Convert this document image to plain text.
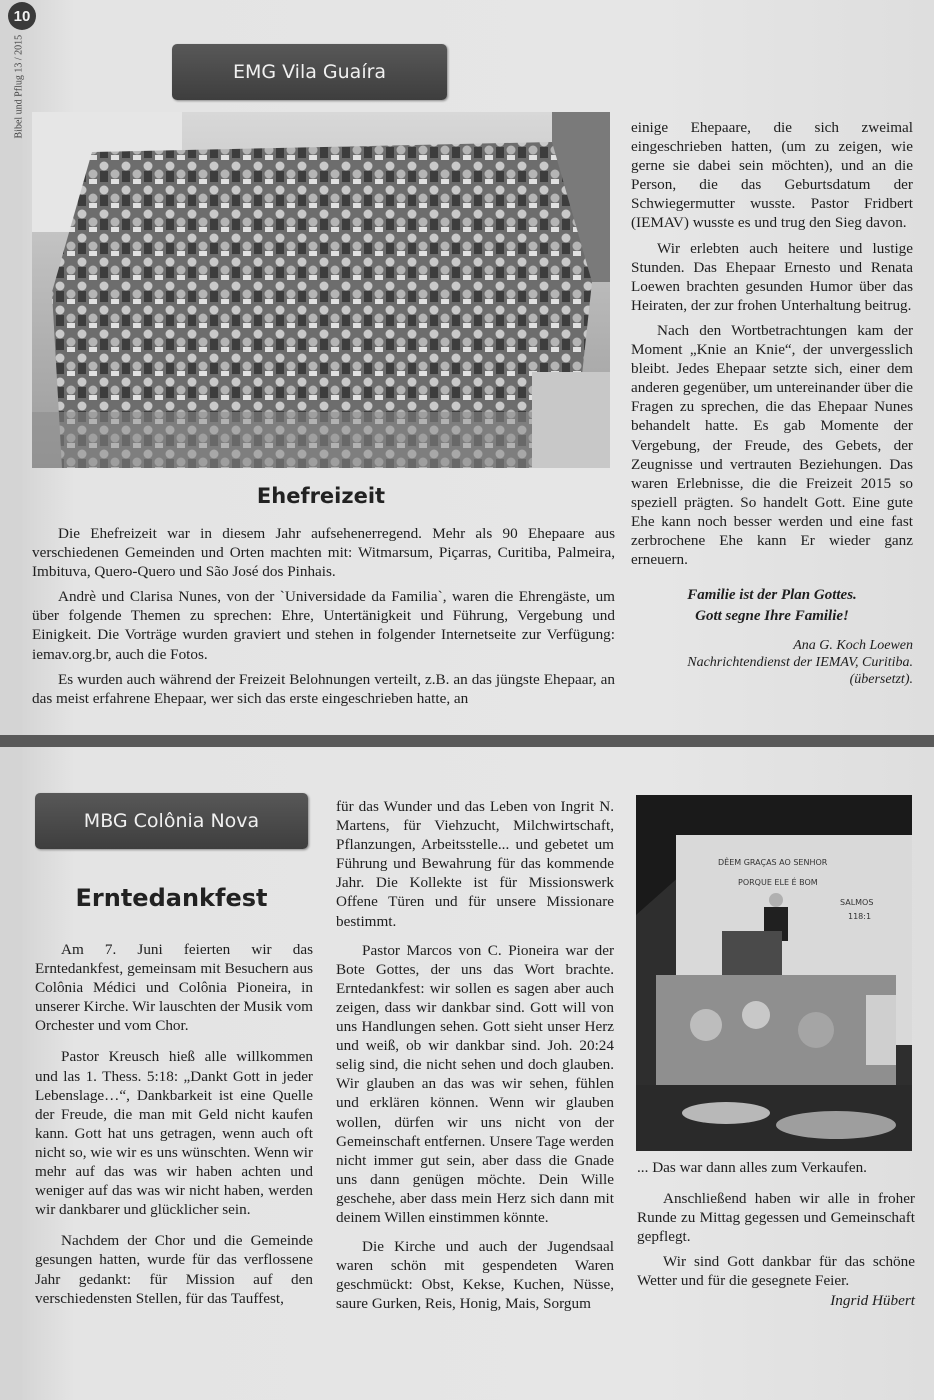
10
Bibel und Pflug 13 / 2015	EMG Vila Guaíra
Ehefreizeit

Die Ehefreizeit war in diesem Jahr aufsehenerregend. Mehr als 90 Ehepaare aus verschiedenen Gemeinden und Orten machten mit: Witmarsum, Piçarras, Curitiba, Palmeira, Imbituva, Quero-Quero und São José dos Pinhais.

Andrè und Clarisa Nunes, von der `Universidade da Familia`, waren die Ehrengäste, um über folgende Themen zu sprechen: Ehre, Untertänigkeit und Führung, Vergebung und Einigkeit. Die Vorträge wurden graviert und stehen in folgender Internetseite zur Verfügung: iemav.org.br, auch die Fotos.

Es wurden auch während der Freizeit Belohnungen verteilt, z.B. an das jüngste Ehepaar, an das meist erfahrene Ehepaar, wer sich das erste eingeschrieben hatte, an

einige Ehepaare, die sich zweimal eingeschrieben hatten, (um zu zeigen, wie gerne sie dabei sein möchten), und an die Person, die das Geburtsdatum der Schwiegermutter wusste. Pastor Fridbert (IEMAV) wusste es und trug den Sieg davon.

Wir erlebten auch heitere und lustige Stunden. Das Ehepaar Ernesto und Renata Loewen brachten gesunden Humor über das Heiraten, der zur frohen Unterhaltung beitrug.

Nach den Wortbetrachtungen kam der Moment „Knie an Knie“, der unvergesslich bleibt. Jedes Ehepaar setzte sich, einer dem anderen gegenüber, um untereinander über die Fragen zu sprechen, die das Ehepaar Nunes behandelt hatte. Es gab Momente der Vergebung, der Freude, des Gebets, der Zeugnisse und vertrauten Beziehungen. Das waren Erlebnisse, die die Freizeit 2015 so speziell prägten. So handelt Gott. Eine gute Ehe kann noch besser werden und eine fast zerbrochene Ehe kann Er wieder ganz erneuern.

Familie ist der Plan Gottes.
Gott segne Ihre Familie!
Ana G. Koch Loewen
Nachrichtendienst der IEMAV, Curitiba.
(übersetzt).
MBG Colônia Nova
Erntedankfest

Am 7. Juni feierten wir das Erntedankfest, gemeinsam mit Besuchern aus Colônia Médici und Colônia Pioneira, in unserer Kirche. Wir lauschten der Musik vom Orchester und vom Chor.

Pastor Kreusch hieß alle willkommen und las 1. Thess. 5:18: „Dankt Gott in jeder Lebenslage…“, Dankbarkeit ist eine Quelle der Freude, die man mit Geld nicht kaufen kann. Gott hat uns getragen, wenn auch oft nicht so, wie wir es uns wünschten. Wenn wir mehr auf das was wir haben achten und weniger auf das was wir nicht haben, werden wir dankbarer und glücklicher sein.

Nachdem der Chor und die Gemeinde gesungen hatten, wurde für das verflossene Jahr gedankt: für Mission auf den verschiedensten Stellen, für das Tauffest,

für das Wunder und das Leben von Ingrit N. Martens, für Viehzucht, Milchwirtschaft, Pflanzungen, Arbeitsstelle... und gebetet um Führung und Bewahrung für das kommende Jahr. Die Kollekte ist für Missionswerk Offene Türen und für unsere Missionare bestimmt.

Pastor Marcos von C. Pioneira war der Bote Gottes, der uns das Wort brachte. Erntedankfest: wir sollen es sagen aber auch zeigen, dass wir dankbar sind. Gott will von uns Handlungen sehen. Gott sieht unser Herz und weiß, ob wir dankbar sind. Joh. 20:24 selig sind, die nicht sehen und doch glauben. Wir glauben an das was wir sehen, fühlen und erklären können. Wenn wir glauben wollen, dürfen wir uns nicht von der Gemeinschaft entfernen. Unsere Tage werden nicht immer gut sein, aber dass die Gnade uns dann genügen möchte. Dein Wille geschehe, aber dass mein Herz sich dann mit deinem Willen einstimmen könnte.

Die Kirche und auch der Jugendsaal waren schön mit gespendeten Waren geschmückt: Obst, Kekse, Kuchen, Nüsse, saure Gurken, Reis, Honig, Mais, Sorgum

DÊEM GRAÇAS AO SENHOR
PORQUE ELE É BOM
SALMOS
118:1

... Das war dann alles zum Verkaufen.

Anschließend haben wir alle in froher Runde zu Mittag gegessen und Gemeinschaft gepflegt.

Wir sind Gott dankbar für das schöne Wetter und für die gesegnete Feier.

Ingrid Hübert
